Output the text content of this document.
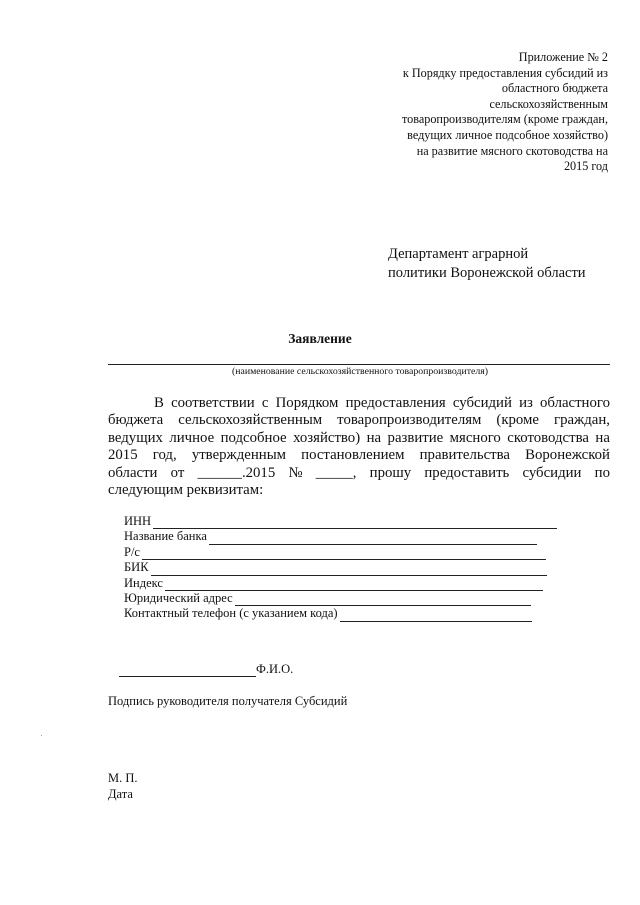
Приложение № 2
к Порядку предоставления субсидий из
областного бюджета
сельскохозяйственным
товаропроизводителям (кроме граждан,
ведущих личное подсобное хозяйство)
на развитие мясного скотоводства на
2015 год
Департамент аграрной
политики Воронежской области
Заявление
(наименование сельскохозяйственного товаропроизводителя)
В соответствии с Порядком предоставления субсидий из областного
бюджета сельскохозяйственным товаропроизводителям (кроме граждан,
ведущих личное подсобное хозяйство) на развитие мясного скотоводства на
2015 год, утвержденным постановлением правительства Воронежской
области от ______.2015 № _____, прошу предоставить субсидии по
следующим реквизитам:
ИНН
Название банка
Р/с
БИК
Индекс
Юридический адрес
Контактный телефон (с указанием кода)
Ф.И.О.
Подпись руководителя получателя Субсидий
М. П.
Дата
